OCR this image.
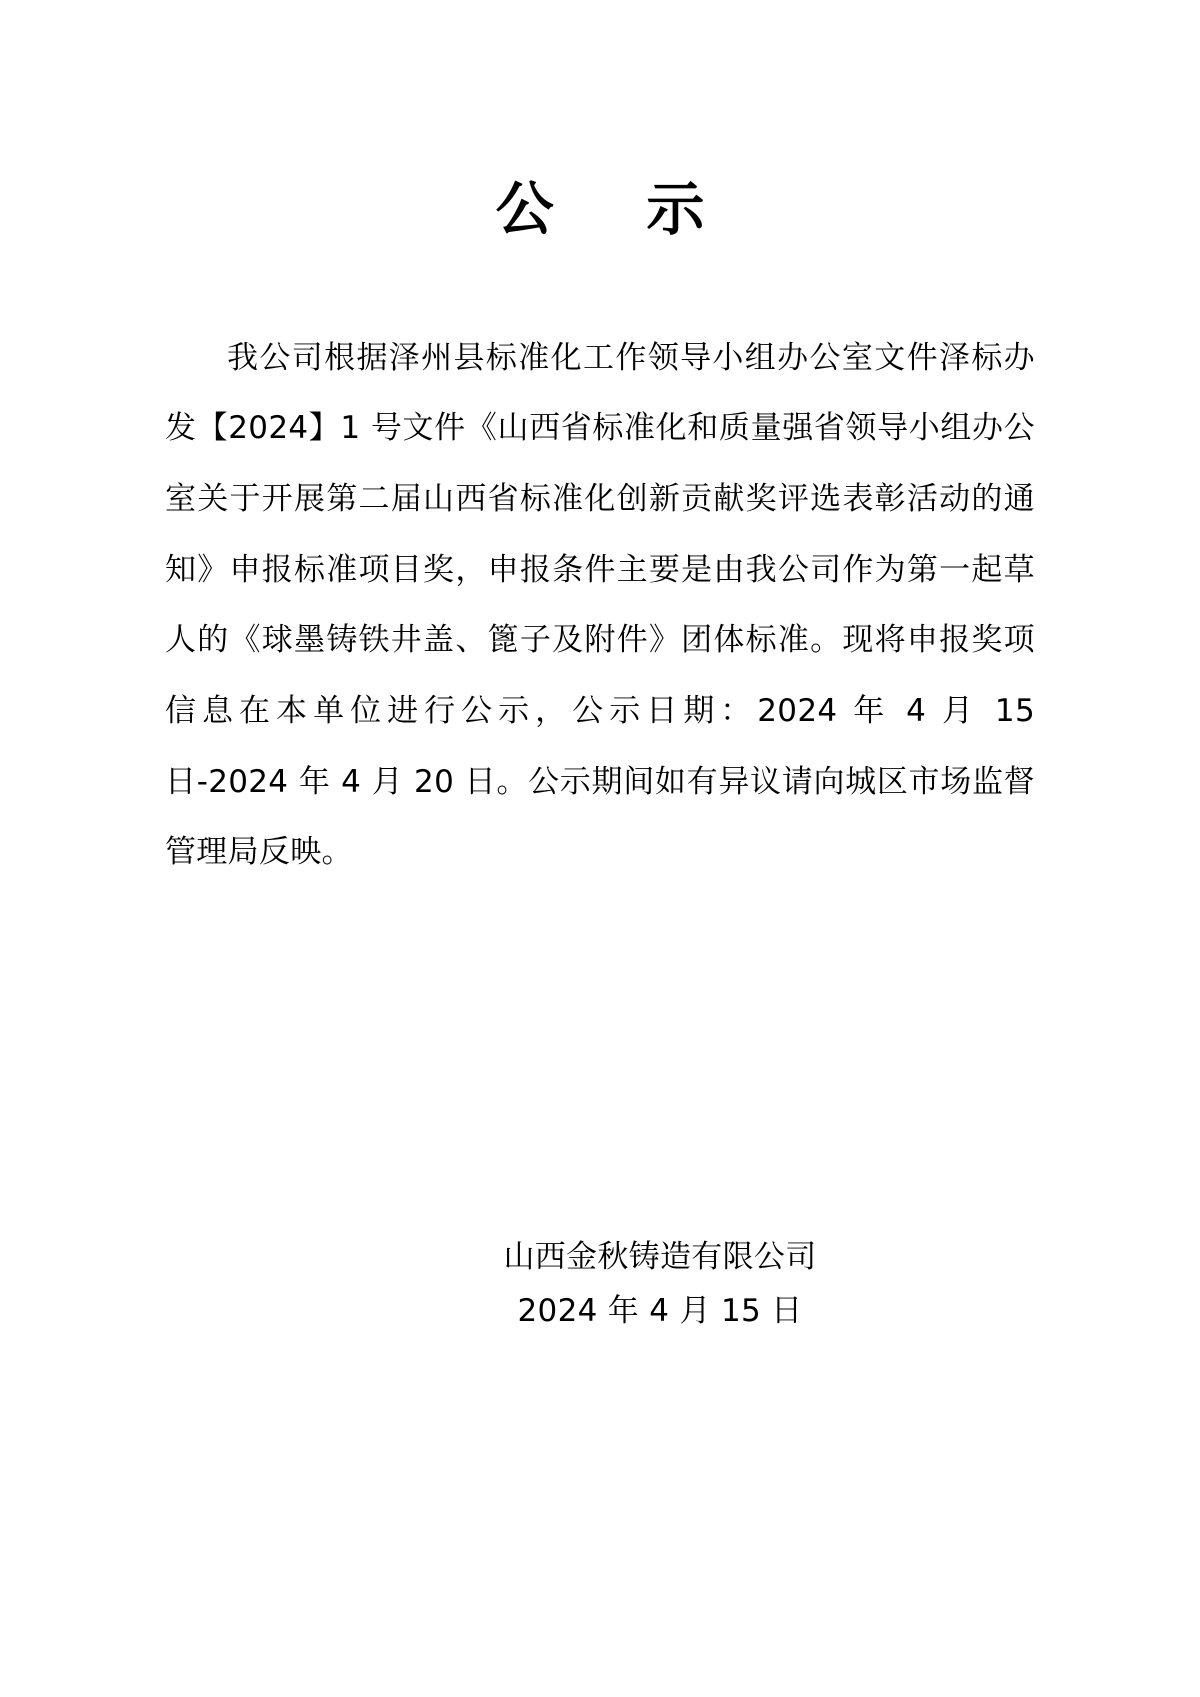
公　示

我公司根据泽州县标准化工作领导小组办公室文件泽标办发【2024】1 号文件《山西省标准化和质量强省领导小组办公室关于开展第二届山西省标准化创新贡献奖评选表彰活动的通知》申报标准项目奖，申报条件主要是由我公司作为第一起草人的《球墨铸铁井盖、篦子及附件》团体标准。现将申报奖项信息在本单位进行公示，公示日期：2024 年 4 月 15 日-2024 年 4 月 20 日。公示期间如有异议请向城区市场监督管理局反映。

山西金秋铸造有限公司
2024 年 4 月 15 日
